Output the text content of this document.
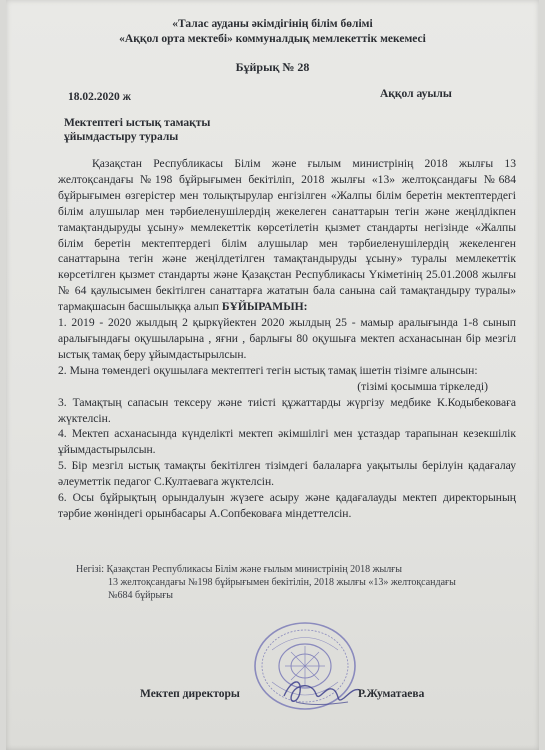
«Талас ауданы әкімдігінің білім бөлімі
«Аққол орта мектебі» коммуналдық мемлекеттік мекемесі
Бұйрық № 28
18.02.2020 ж	Аққол ауылы
Мектептегі ыстық тамақты
ұйымдастыру туралы

Қазақстан Республикасы Білім және ғылым министрінің 2018 жылғы 13 желтоқсандағы №198 бұйрығымен бекітіліп, 2018 жылғы «13» желтоқсандағы №684 бұйрығымен өзгерістер мен толықтырулар енгізілген «Жалпы білім беретін мектептердегі білім алушылар мен тәрбиеленушілердің жекелеген санаттарын тегін және жеңілдікпен тамақтандыруды ұсыну» мемлекеттік көрсетілетін қызмет стандарты негізінде «Жалпы білім беретін мектептердегі білім алушылар мен тәрбиеленушілердің жекеленген санаттарына тегін және жеңілдетілген тамақтандыруды ұсыну» туралы мемлекеттік көрсетілген қызмет стандарты және Қазақстан Республикасы Үкіметінің 25.01.2008 жылғы № 64 қаулысымен бекітілген санаттарға жататын бала санына сай тамақтандыру туралы» тармақшасын басшылыққа алып БҰЙЫРАМЫН:

1. 2019 - 2020 жылдың 2 қыркүйектен 2020 жылдың 25 - мамыр аралығында 1-8 сынып аралығындағы оқушыларына , яғни , барлығы 80 оқушыға мектеп асханасынан бір мезгіл ыстық тамақ беру ұйымдастырылсын.

2. Мына төмендегі оқушылаға мектептегі тегін ыстық тамақ ішетін тізімге алынсын:

(тізімі қосымша тіркеледі)

3. Тамақтың сапасын тексеру және тиісті құжаттарды жүргізу медбике К.Кодыбековаға жүктелсін.

4. Мектеп асханасында күнделікті мектеп әкімшілігі мен ұстаздар тарапынан кезекшілік ұйымдастырылсын.

5. Бір мезгіл ыстық тамақты бекітілген тізімдегі балаларға уақытылы берілуін қадағалау әлеуметтік педагог С.Култаевага жүктелсін.

6. Осы бұйрықтың орындалуын жүзеге асыру және қадағалауды мектеп директорының тәрбие жөніндегі орынбасары А.Сопбековаға міндеттелсін.

Негізі: Қазақстан Республикасы Білім және ғылым министрінің 2018 жылғы
13 желтоқсандағы №198 бұйрығымен бекітілін, 2018 жылғы «13» желтоқсандағы
№684 бұйрығы
Мектеп директоры	Р.Жуматаева
